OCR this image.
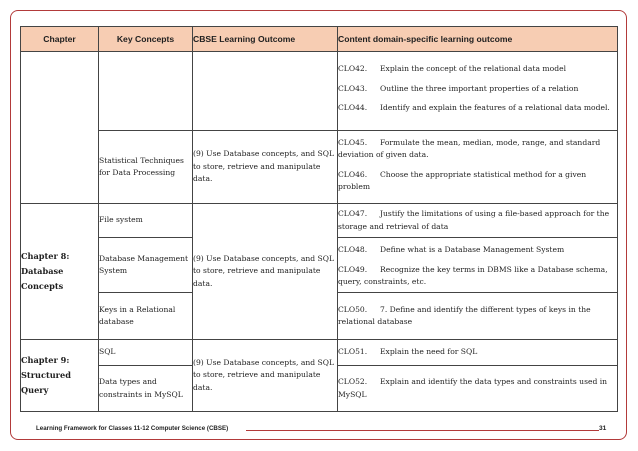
Chapter	Key Concepts	CBSE Learning Outcome	Content domain-specific learning outcome

			CLO42. Explain the concept of the relational data model
CLO43. Outline the three important properties of a relation
CLO44. Identify and explain the features of a relational data model.

	Statistical Techniques for Data Processing	(9) Use Database concepts, and SQL to store, retrieve and manipulate data.	CLO45. Formulate the mean, median, mode, range, and standard deviation of given data.
CLO46. Choose the appropriate statistical method for a given problem

Chapter 8: Database Concepts	File system	(9) Use Database concepts, and SQL to store, retrieve and manipulate data.	CLO47. Justify the limitations of using a file-based approach for the storage and retrieval of data

	Database Management System		CLO48. Define what is a Database Management System
CLO49. Recognize the key terms in DBMS like a Database schema, query, constraints, etc.

	Keys in a Relational database		CLO50. 7. Define and identify the different types of keys in the relational database

Chapter 9: Structured Query	SQL	(9) Use Database concepts, and SQL to store, retrieve and manipulate data.	CLO51. Explain the need for SQL

	Data types and constraints in MySQL		CLO52. Explain and identify the data types and constraints used in MySQL
Learning Framework for Classes 11-12 Computer Science (CBSE)	31
